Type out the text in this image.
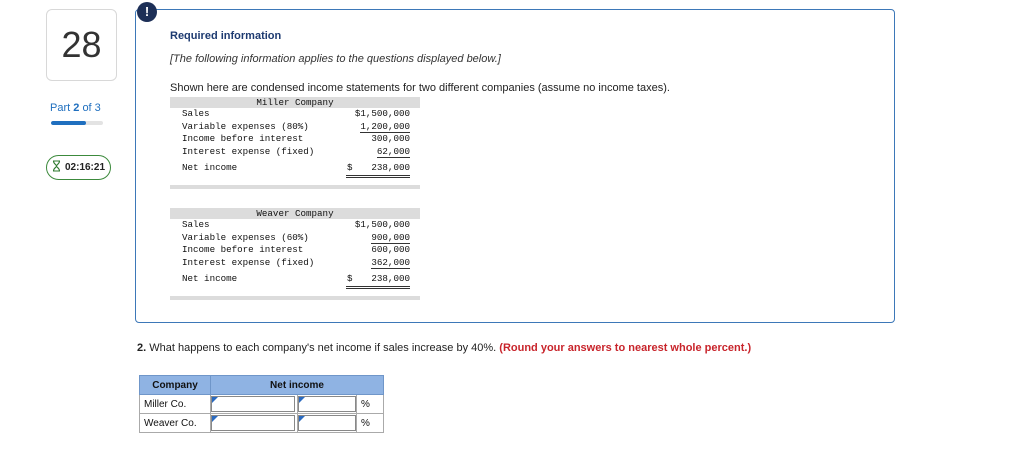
28
Part 2 of 3
02:16:21
!
Required information
[The following information applies to the questions displayed below.]
Shown here are condensed income statements for two different companies (assume no income taxes).
Miller Company
Sales	$1,500,000
Variable expenses (80%)	1,200,000
Income before interest	300,000
Interest expense (fixed)	62,000
Net income	$ 238,000
Weaver Company
Sales	$1,500,000
Variable expenses (60%)	900,000
Income before interest	600,000
Interest expense (fixed)	362,000
Net income	$ 238,000
2. What happens to each company's net income if sales increase by 40%. (Round your answers to nearest whole percent.)
Company	Net income		
Miller Co.			%
Weaver Co.			%
